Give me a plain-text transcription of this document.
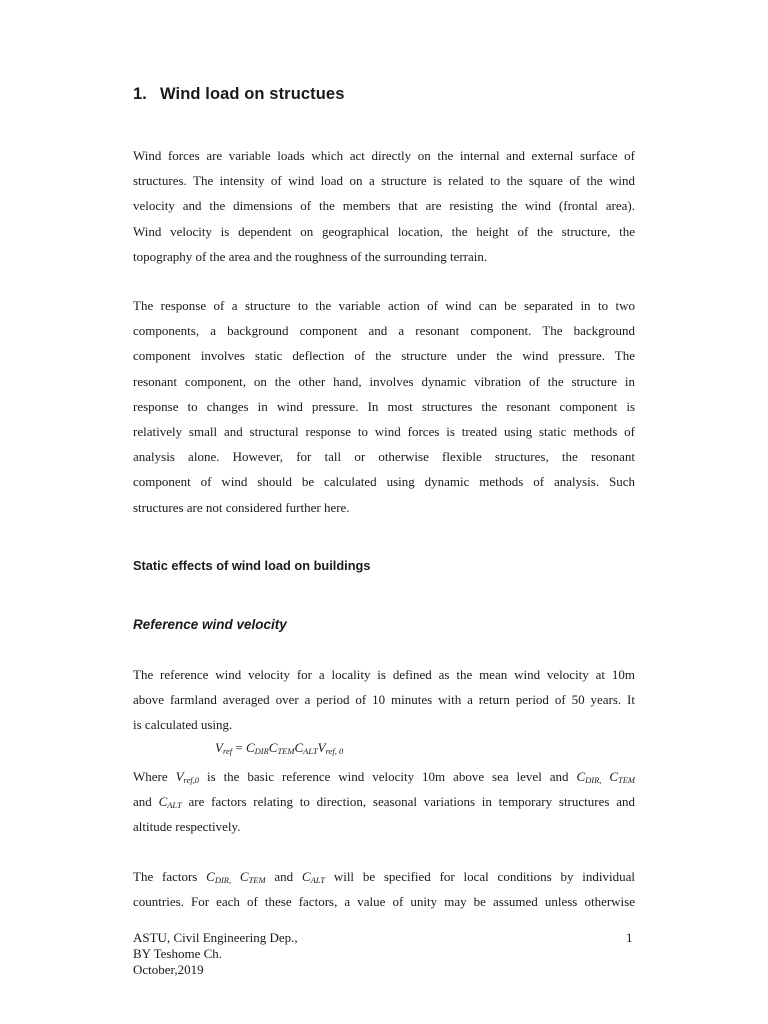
1. Wind load on structues
Wind forces are variable loads which act directly on the internal and external surface of
structures. The intensity of wind load on a structure is related to the square of the wind
velocity and the dimensions of the members that are resisting the wind (frontal area).
Wind velocity is dependent on geographical location, the height of the structure, the
topography of the area and the roughness of the surrounding terrain.
The response of a structure to the variable action of wind can be separated in to two
components, a background component and a resonant component. The background
component involves static deflection of the structure under the wind pressure. The
resonant component, on the other hand, involves dynamic vibration of the structure in
response to changes in wind pressure. In most structures the resonant component is
relatively small and structural response to wind forces is treated using static methods of
analysis alone. However, for tall or otherwise flexible structures, the resonant
component of wind should be calculated using dynamic methods of analysis. Such
structures are not considered further here.
Static effects of wind load on buildings
Reference wind velocity
The reference wind velocity for a locality is defined as the mean wind velocity at 10m
above farmland averaged over a period of 10 minutes with a return period of 50 years. It
is calculated using.
$V_{ref} = C_{DIR}C_{TEM}C_{ALT}V_{ref, 0}$
Where $V_{ref,0}$ is the basic reference wind velocity 10m above sea level and $C_{DIR,}$ $C_{TEM}$
and $C_{ALT}$ are factors relating to direction, seasonal variations in temporary structures and
altitude respectively.
The factors $C_{DIR,}$ $C_{TEM}$ and $C_{ALT}$ will be specified for local conditions by individual
countries. For each of these factors, a value of unity may be assumed unless otherwise
ASTU, Civil Engineering Dep.,
BY Teshome Ch.
October,2019
1
